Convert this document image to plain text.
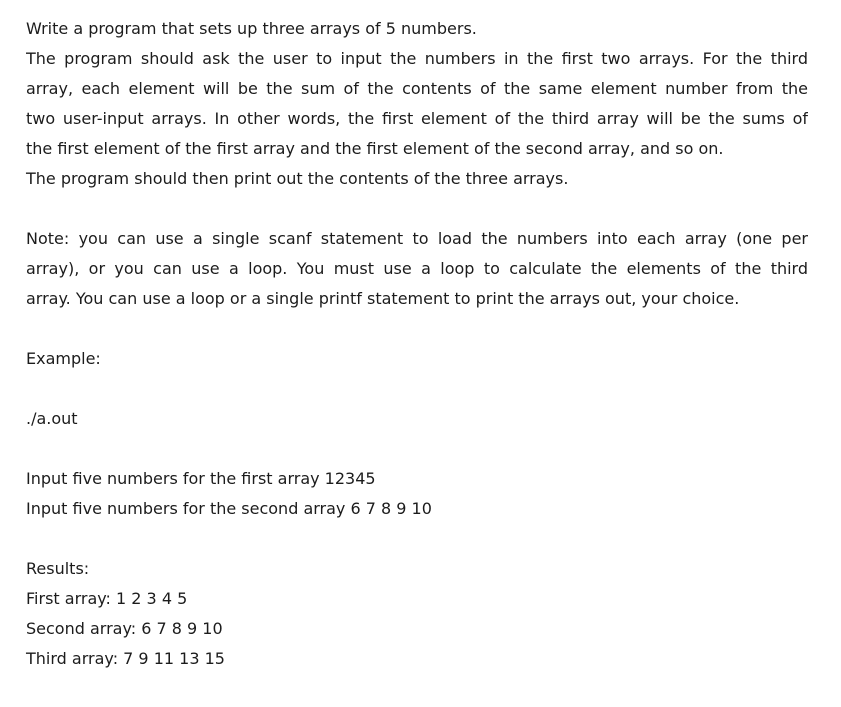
Write a program that sets up three arrays of 5 numbers.
The program should ask the user to input the numbers in the first two arrays. For the third
array, each element will be the sum of the contents of the same element number from the
two user-input arrays. In other words, the first element of the third array will be the sums of
the first element of the first array and the first element of the second array, and so on.
The program should then print out the contents of the three arrays.
Note: you can use a single scanf statement to load the numbers into each array (one per
array), or you can use a loop. You must use a loop to calculate the elements of the third
array. You can use a loop or a single printf statement to print the arrays out, your choice.
Example:
./a.out
Input five numbers for the first array 12345
Input five numbers for the second array 6 7 8 9 10
Results:
First array: 1 2 3 4 5
Second array: 6 7 8 9 10
Third array: 7 9 11 13 15
